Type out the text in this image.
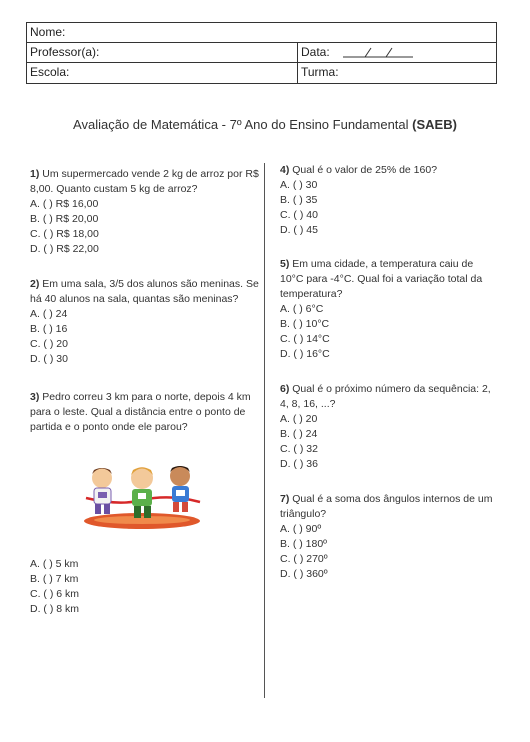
Nome:
Professor(a):	Data:
Escola:	Turma:
Avaliação de Matemática - 7º Ano do Ensino Fundamental (SAEB)
1) Um supermercado vende 2 kg de arroz por R$ 8,00. Quanto custam 5 kg de arroz?
A. ( ) R$ 16,00
B. ( ) R$ 20,00
C. ( ) R$ 18,00
D. ( ) R$ 22,00
2) Em uma sala, 3/5 dos alunos são meninas. Se há 40 alunos na sala, quantas são meninas?
A. ( ) 24
B. ( ) 16
C. ( ) 20
D. ( ) 30
3) Pedro correu 3 km para o norte, depois 4 km para o leste. Qual a distância entre o ponto de partida e o ponto onde ele parou?
A. ( ) 5 km
B. ( ) 7 km
C. ( ) 6 km
D. ( ) 8 km
4) Qual é o valor de 25% de 160?
A. ( ) 30
B. ( ) 35
C. ( ) 40
D. ( ) 45
5) Em uma cidade, a temperatura caiu de 10°C para -4°C. Qual foi a variação total da temperatura?
A. ( ) 6°C
B. ( ) 10°C
C. ( ) 14°C
D. ( ) 16°C
6) Qual é o próximo número da sequência: 2, 4, 8, 16, ...?
A. ( ) 20
B. ( ) 24
C. ( ) 32
D. ( ) 36
7) Qual é a soma dos ângulos internos de um triângulo?
A. ( ) 90º
B. ( ) 180º
C. ( ) 270º
D. ( ) 360º
